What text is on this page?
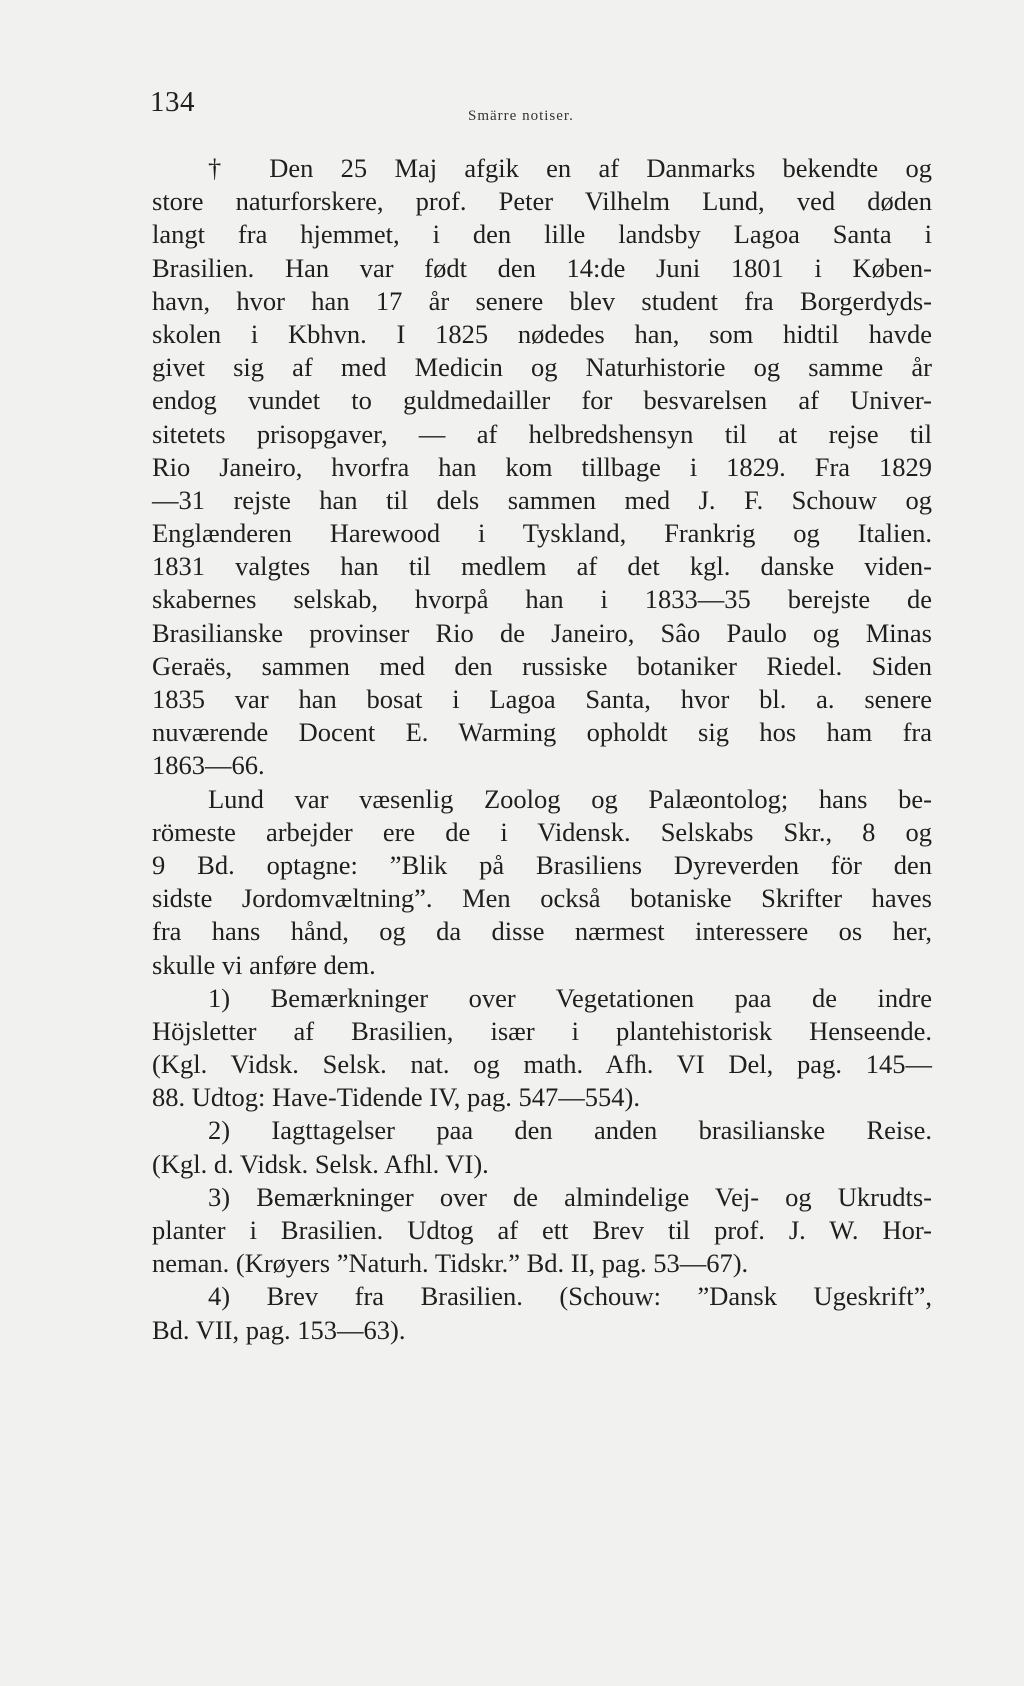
134	Smärre notiser.
† Den 25 Maj afgik en af Danmarks bekendte og
store naturforskere, prof. Peter Vilhelm Lund, ved døden
langt fra hjemmet, i den lille landsby Lagoa Santa i
Brasilien. Han var født den 14:de Juni 1801 i Køben-
havn, hvor han 17 år senere blev student fra Borgerdyds-
skolen i Kbhvn. I 1825 nødedes han, som hidtil havde
givet sig af med Medicin og Naturhistorie og samme år
endog vundet to guldmedailler for besvarelsen af Univer-
sitetets prisopgaver, — af helbredshensyn til at rejse til
Rio Janeiro, hvorfra han kom tillbage i 1829. Fra 1829
—31 rejste han til dels sammen med J. F. Schouw og
Englænderen Harewood i Tyskland, Frankrig og Italien.
1831 valgtes han til medlem af det kgl. danske viden-
skabernes selskab, hvorpå han i 1833—35 berejste de
Brasilianske provinser Rio de Janeiro, Sâo Paulo og Minas
Geraës, sammen med den russiske botaniker Riedel. Siden
1835 var han bosat i Lagoa Santa, hvor bl. a. senere
nuværende Docent E. Warming opholdt sig hos ham fra
1863—66.
Lund var væsenlig Zoolog og Palæontolog; hans be-
römeste arbejder ere de i Vidensk. Selskabs Skr., 8 og
9 Bd. optagne: ”Blik på Brasiliens Dyreverden för den
sidste Jordomvæltning”. Men också botaniske Skrifter haves
fra hans hånd, og da disse nærmest interessere os her,
skulle vi anføre dem.
1) Bemærkninger over Vegetationen paa de indre
Höjsletter af Brasilien, især i plantehistorisk Henseende.
(Kgl. Vidsk. Selsk. nat. og math. Afh. VI Del, pag. 145—
88. Udtog: Have-Tidende IV, pag. 547—554).
2) Iagttagelser paa den anden brasilianske Reise.
(Kgl. d. Vidsk. Selsk. Afhl. VI).
3) Bemærkninger over de almindelige Vej- og Ukrudts-
planter i Brasilien. Udtog af ett Brev til prof. J. W. Hor-
neman. (Krøyers ”Naturh. Tidskr.” Bd. II, pag. 53—67).
4) Brev fra Brasilien. (Schouw: ”Dansk Ugeskrift”,
Bd. VII, pag. 153—63).
